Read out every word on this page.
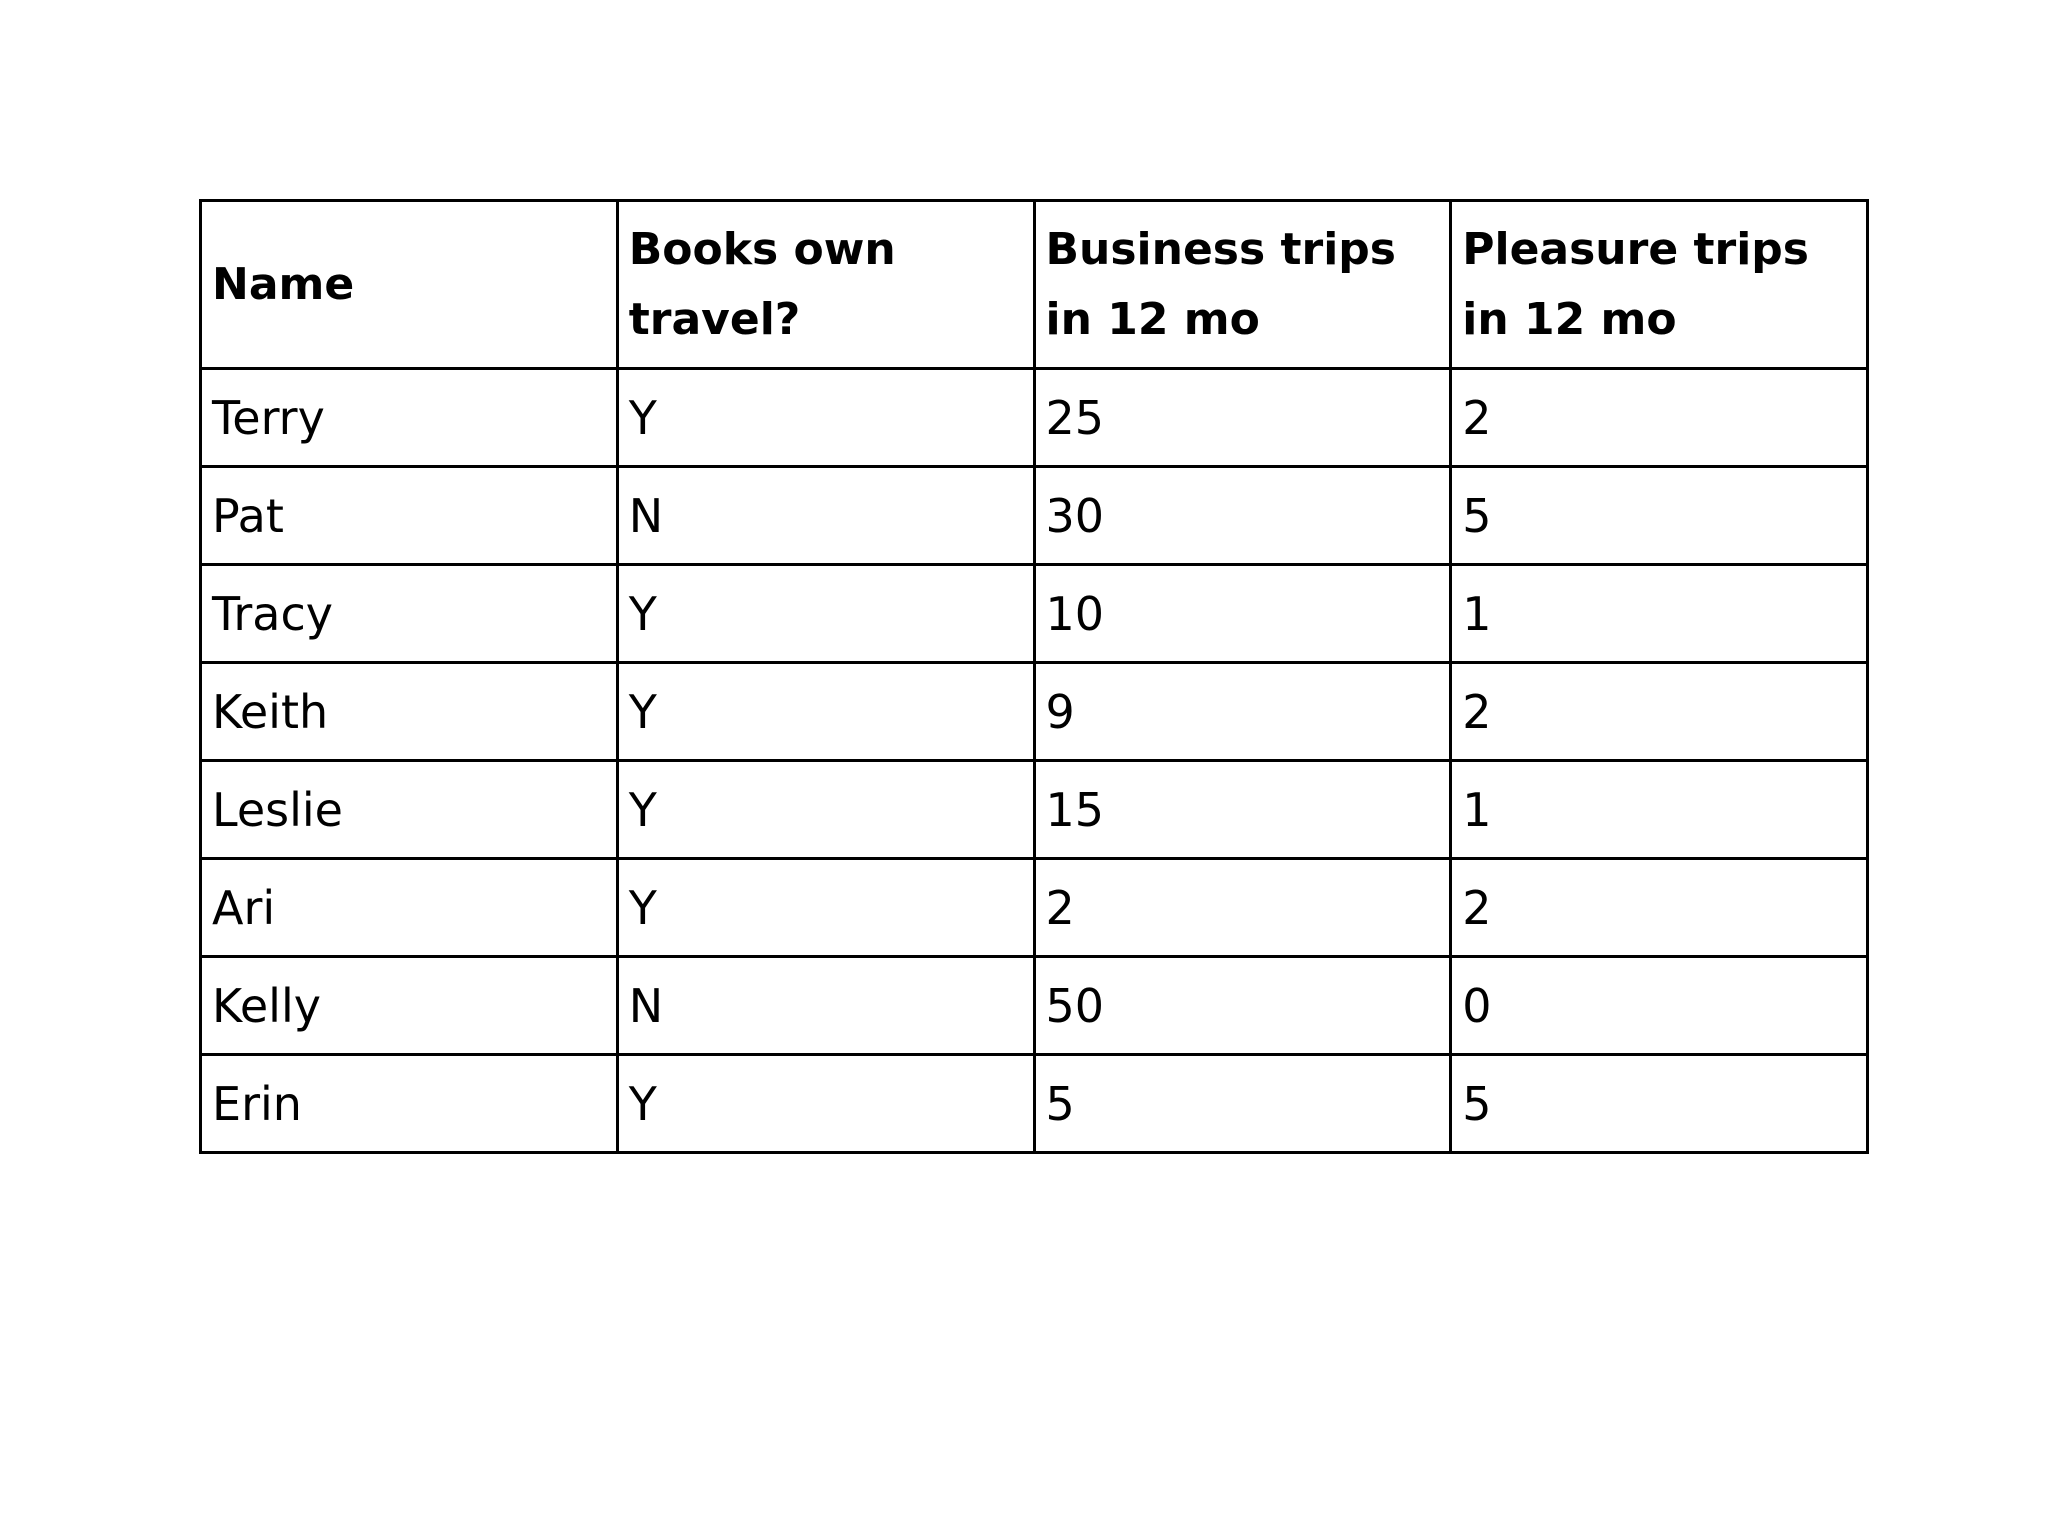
Name	Books own travel?	Business trips in 12 mo	Pleasure trips in 12 mo
Terry	Y	25	2
Pat	N	30	5
Tracy	Y	10	1
Keith	Y	9	2
Leslie	Y	15	1
Ari	Y	2	2
Kelly	N	50	0
Erin	Y	5	5
